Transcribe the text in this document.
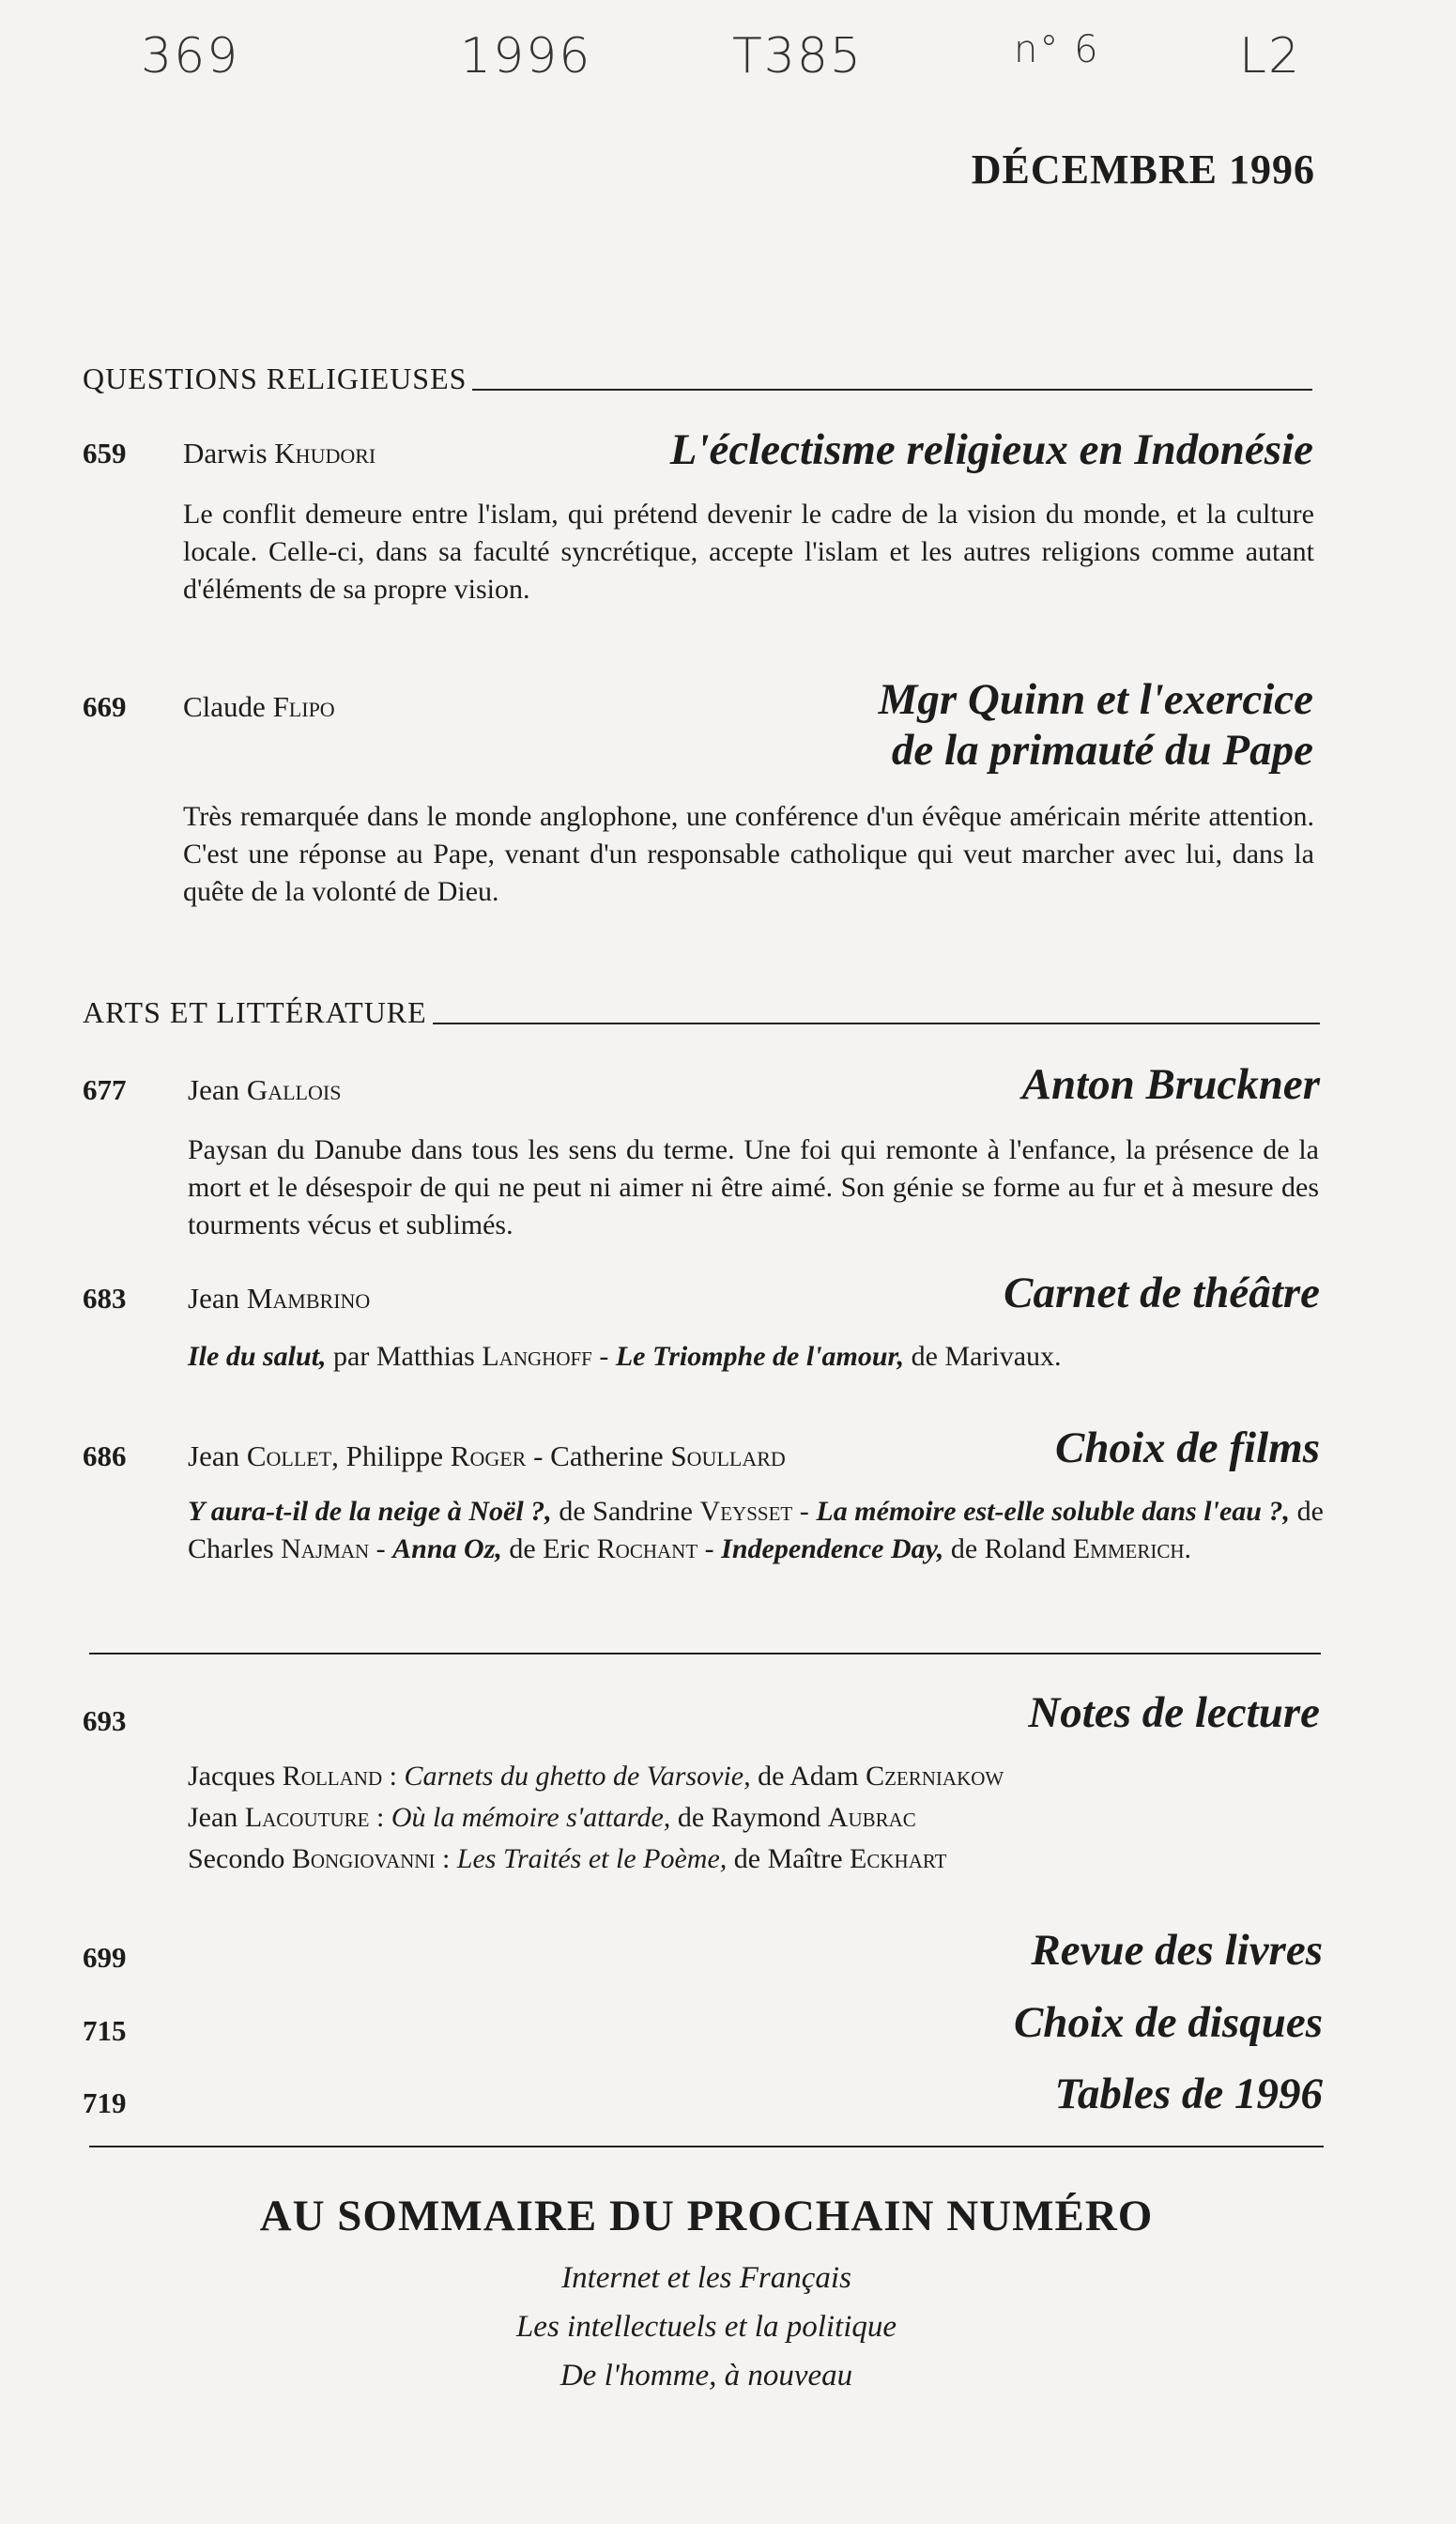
369	1996	T385	n° 6	L2
DÉCEMBRE 1996
QUESTIONS RELIGIEUSES
659 Darwis Khudori	L'éclectisme religieux en Indonésie
Le conflit demeure entre l'islam, qui prétend devenir le cadre de la vision du monde, et la culture locale. Celle-ci, dans sa faculté syncrétique, accepte l'islam et les autres religions comme autant d'éléments de sa propre vision.
669 Claude Flipo	Mgr Quinn et l'exercice
de la primauté du Pape
Très remarquée dans le monde anglophone, une conférence d'un évêque américain mérite attention. C'est une réponse au Pape, venant d'un responsable catholique qui veut marcher avec lui, dans la quête de la volonté de Dieu.
ARTS ET LITTÉRATURE
677 Jean Gallois	Anton Bruckner
Paysan du Danube dans tous les sens du terme. Une foi qui remonte à l'enfance, la présence de la mort et le désespoir de qui ne peut ni aimer ni être aimé. Son génie se forme au fur et à mesure des tourments vécus et sublimés.
683 Jean Mambrino	Carnet de théâtre
Ile du salut, par Matthias Langhoff - Le Triomphe de l'amour, de Marivaux.
686 Jean Collet, Philippe Roger - Catherine Soullard	Choix de films
Y aura-t-il de la neige à Noël ?, de Sandrine Veysset - La mémoire est-elle soluble dans l'eau ?, de Charles Najman - Anna Oz, de Eric Rochant - Independence Day, de Roland Emmerich.
693	Notes de lecture
Jacques Rolland : Carnets du ghetto de Varsovie, de Adam Czerniakow
Jean Lacouture : Où la mémoire s'attarde, de Raymond Aubrac
Secondo Bongiovanni : Les Traités et le Poème, de Maître Eckhart
699	Revue des livres
715	Choix de disques
719	Tables de 1996
AU SOMMAIRE DU PROCHAIN NUMÉRO
Internet et les Français
Les intellectuels et la politique
De l'homme, à nouveau
